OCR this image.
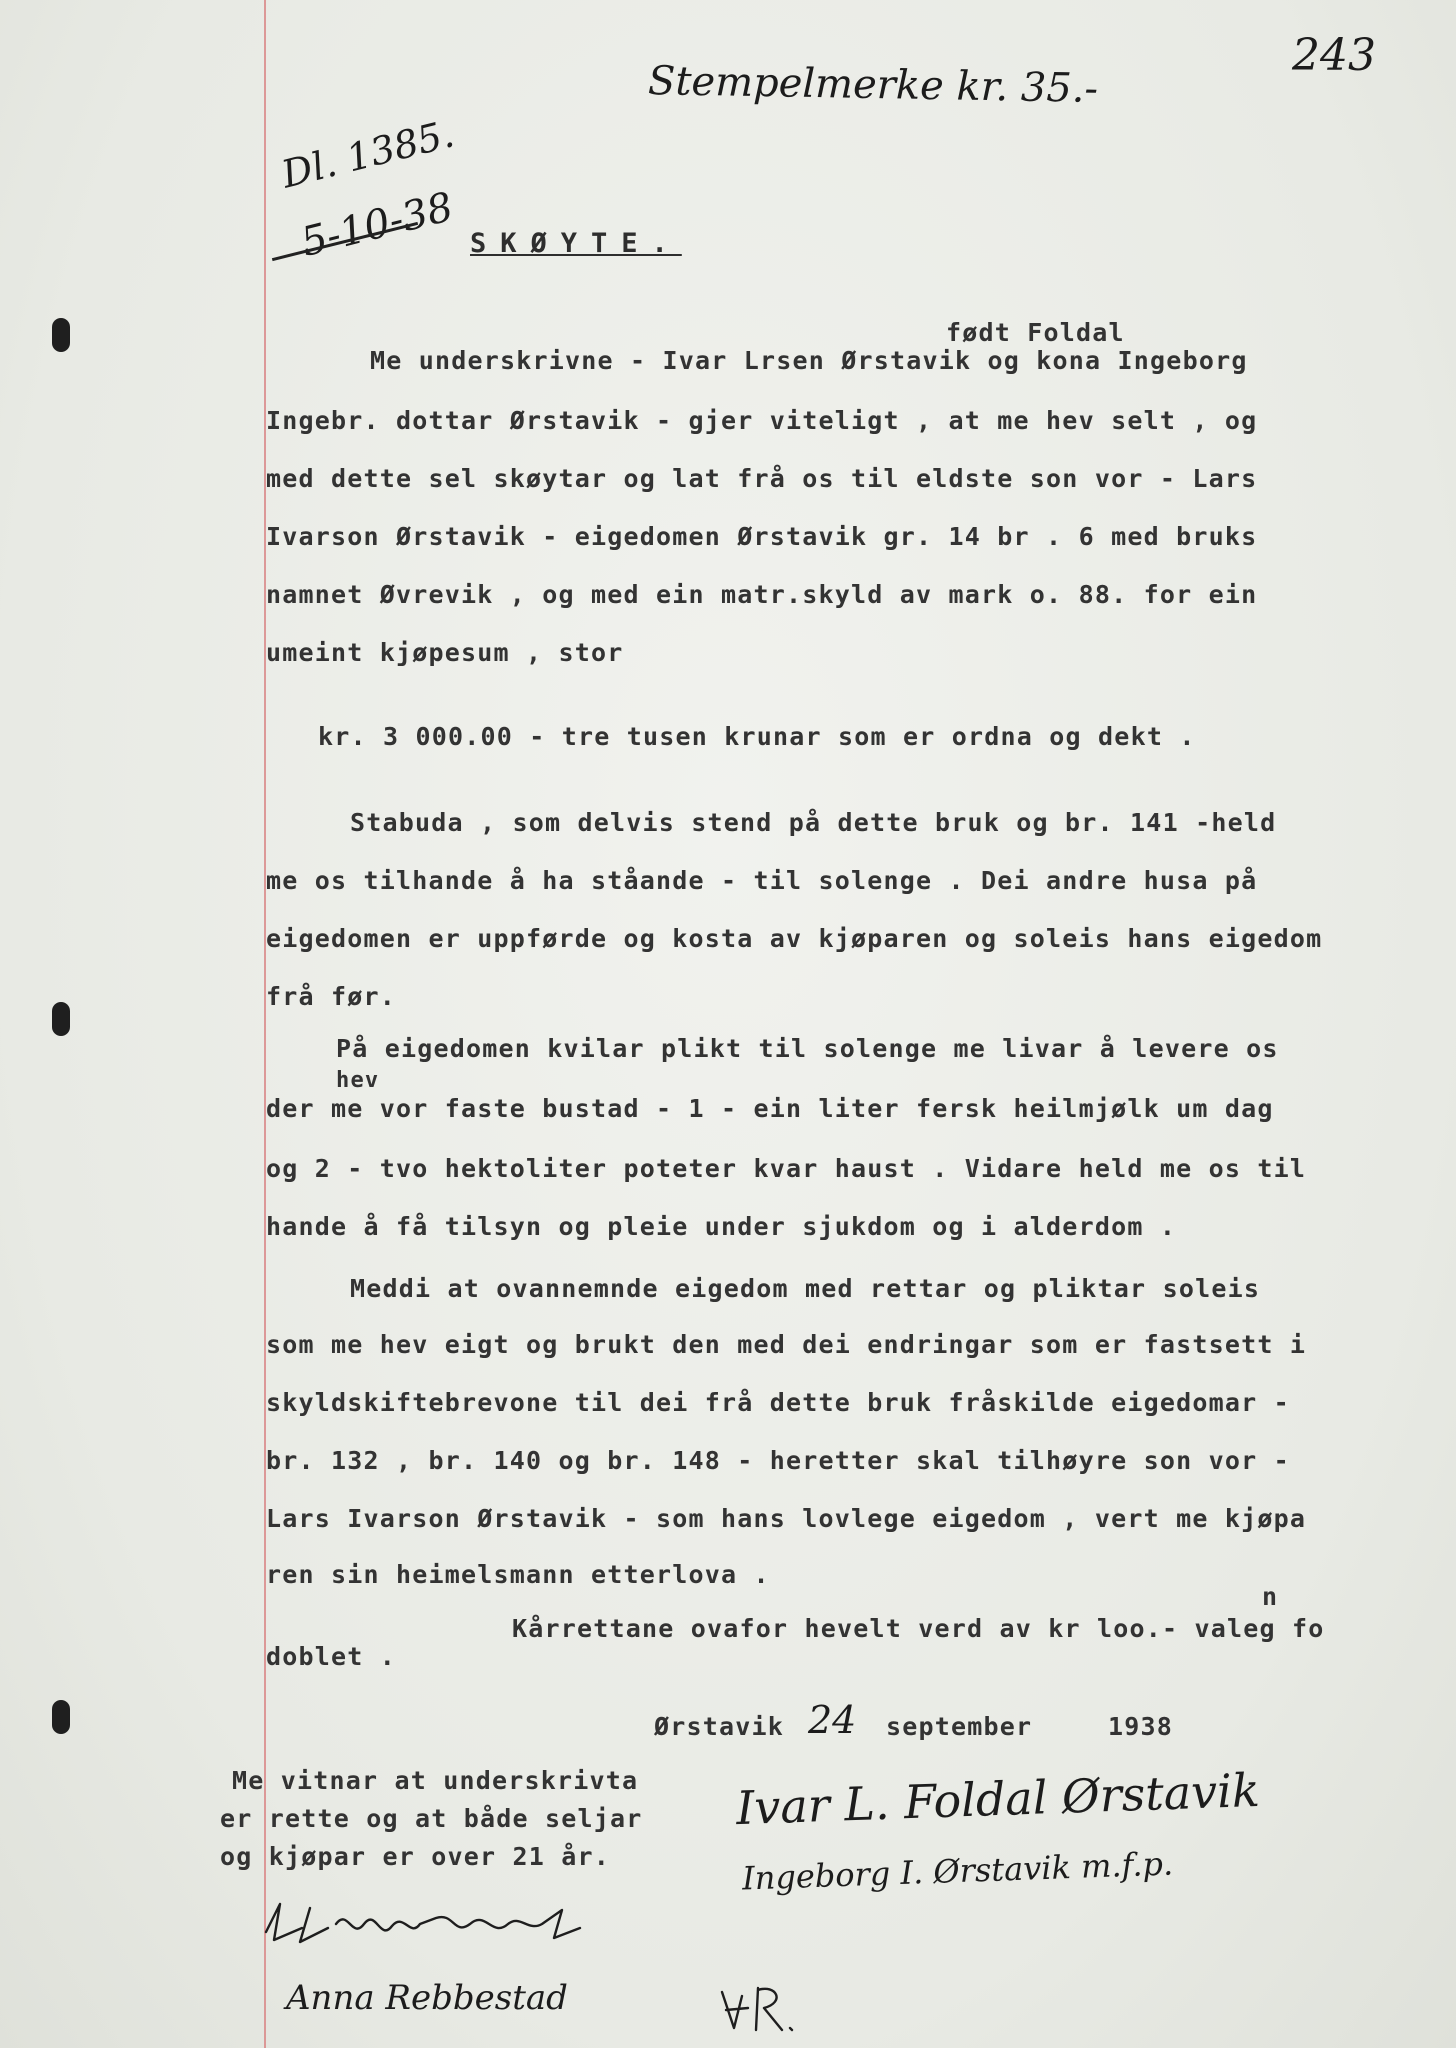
Stempelmerke kr. 35.-
243
Dl. 1385.
5-10-38 SKØYTE.
født Foldal
hev
n
Me underskrivne - Ivar Lrsen Ørstavik og kona Ingeborg
Ingebr. dottar Ørstavik - gjer viteligt , at me hev selt , og
med dette sel skøytar og lat frå os til eldste son vor - Lars
Ivarson Ørstavik - eigedomen Ørstavik gr. 14 br . 6 med bruks
namnet Øvrevik , og med ein matr.skyld av mark o. 88. for ein
umeint kjøpesum , stor
kr. 3 000.00 - tre tusen krunar som er ordna og dekt .
Stabuda , som delvis stend på dette bruk og br. 141 -held
me os tilhande å ha ståande - til solenge . Dei andre husa på
eigedomen er uppførde og kosta av kjøparen og soleis hans eigedom
frå før.
På eigedomen kvilar plikt til solenge me livar å levere os
der me vor faste bustad - 1 - ein liter fersk heilmjølk um dag
og 2 - tvo hektoliter poteter kvar haust . Vidare held me os til
hande å få tilsyn og pleie under sjukdom og i alderdom .
Meddi at ovannemnde eigedom med rettar og pliktar soleis
som me hev eigt og brukt den med dei endringar som er fastsett i
skyldskiftebrevone til dei frå dette bruk fråskilde eigedomar -
br. 132 , br. 140 og br. 148 - heretter skal tilhøyre son vor -
Lars Ivarson Ørstavik - som hans lovlege eigedom , vert me kjøpa
ren sin heimelsmann etterlova .
Kårrettane ovafor hevelt verd av kr loo.- valeg fo
doblet .
Ørstavik 24 september	1938
Me vitnar at underskrivta
er rette og at både seljar
og kjøpar er over 21 år.
Ivar L. Foldal Ørstavik
Ingeborg I. Ørstavik m.f.p.
Anna Rebbestad
